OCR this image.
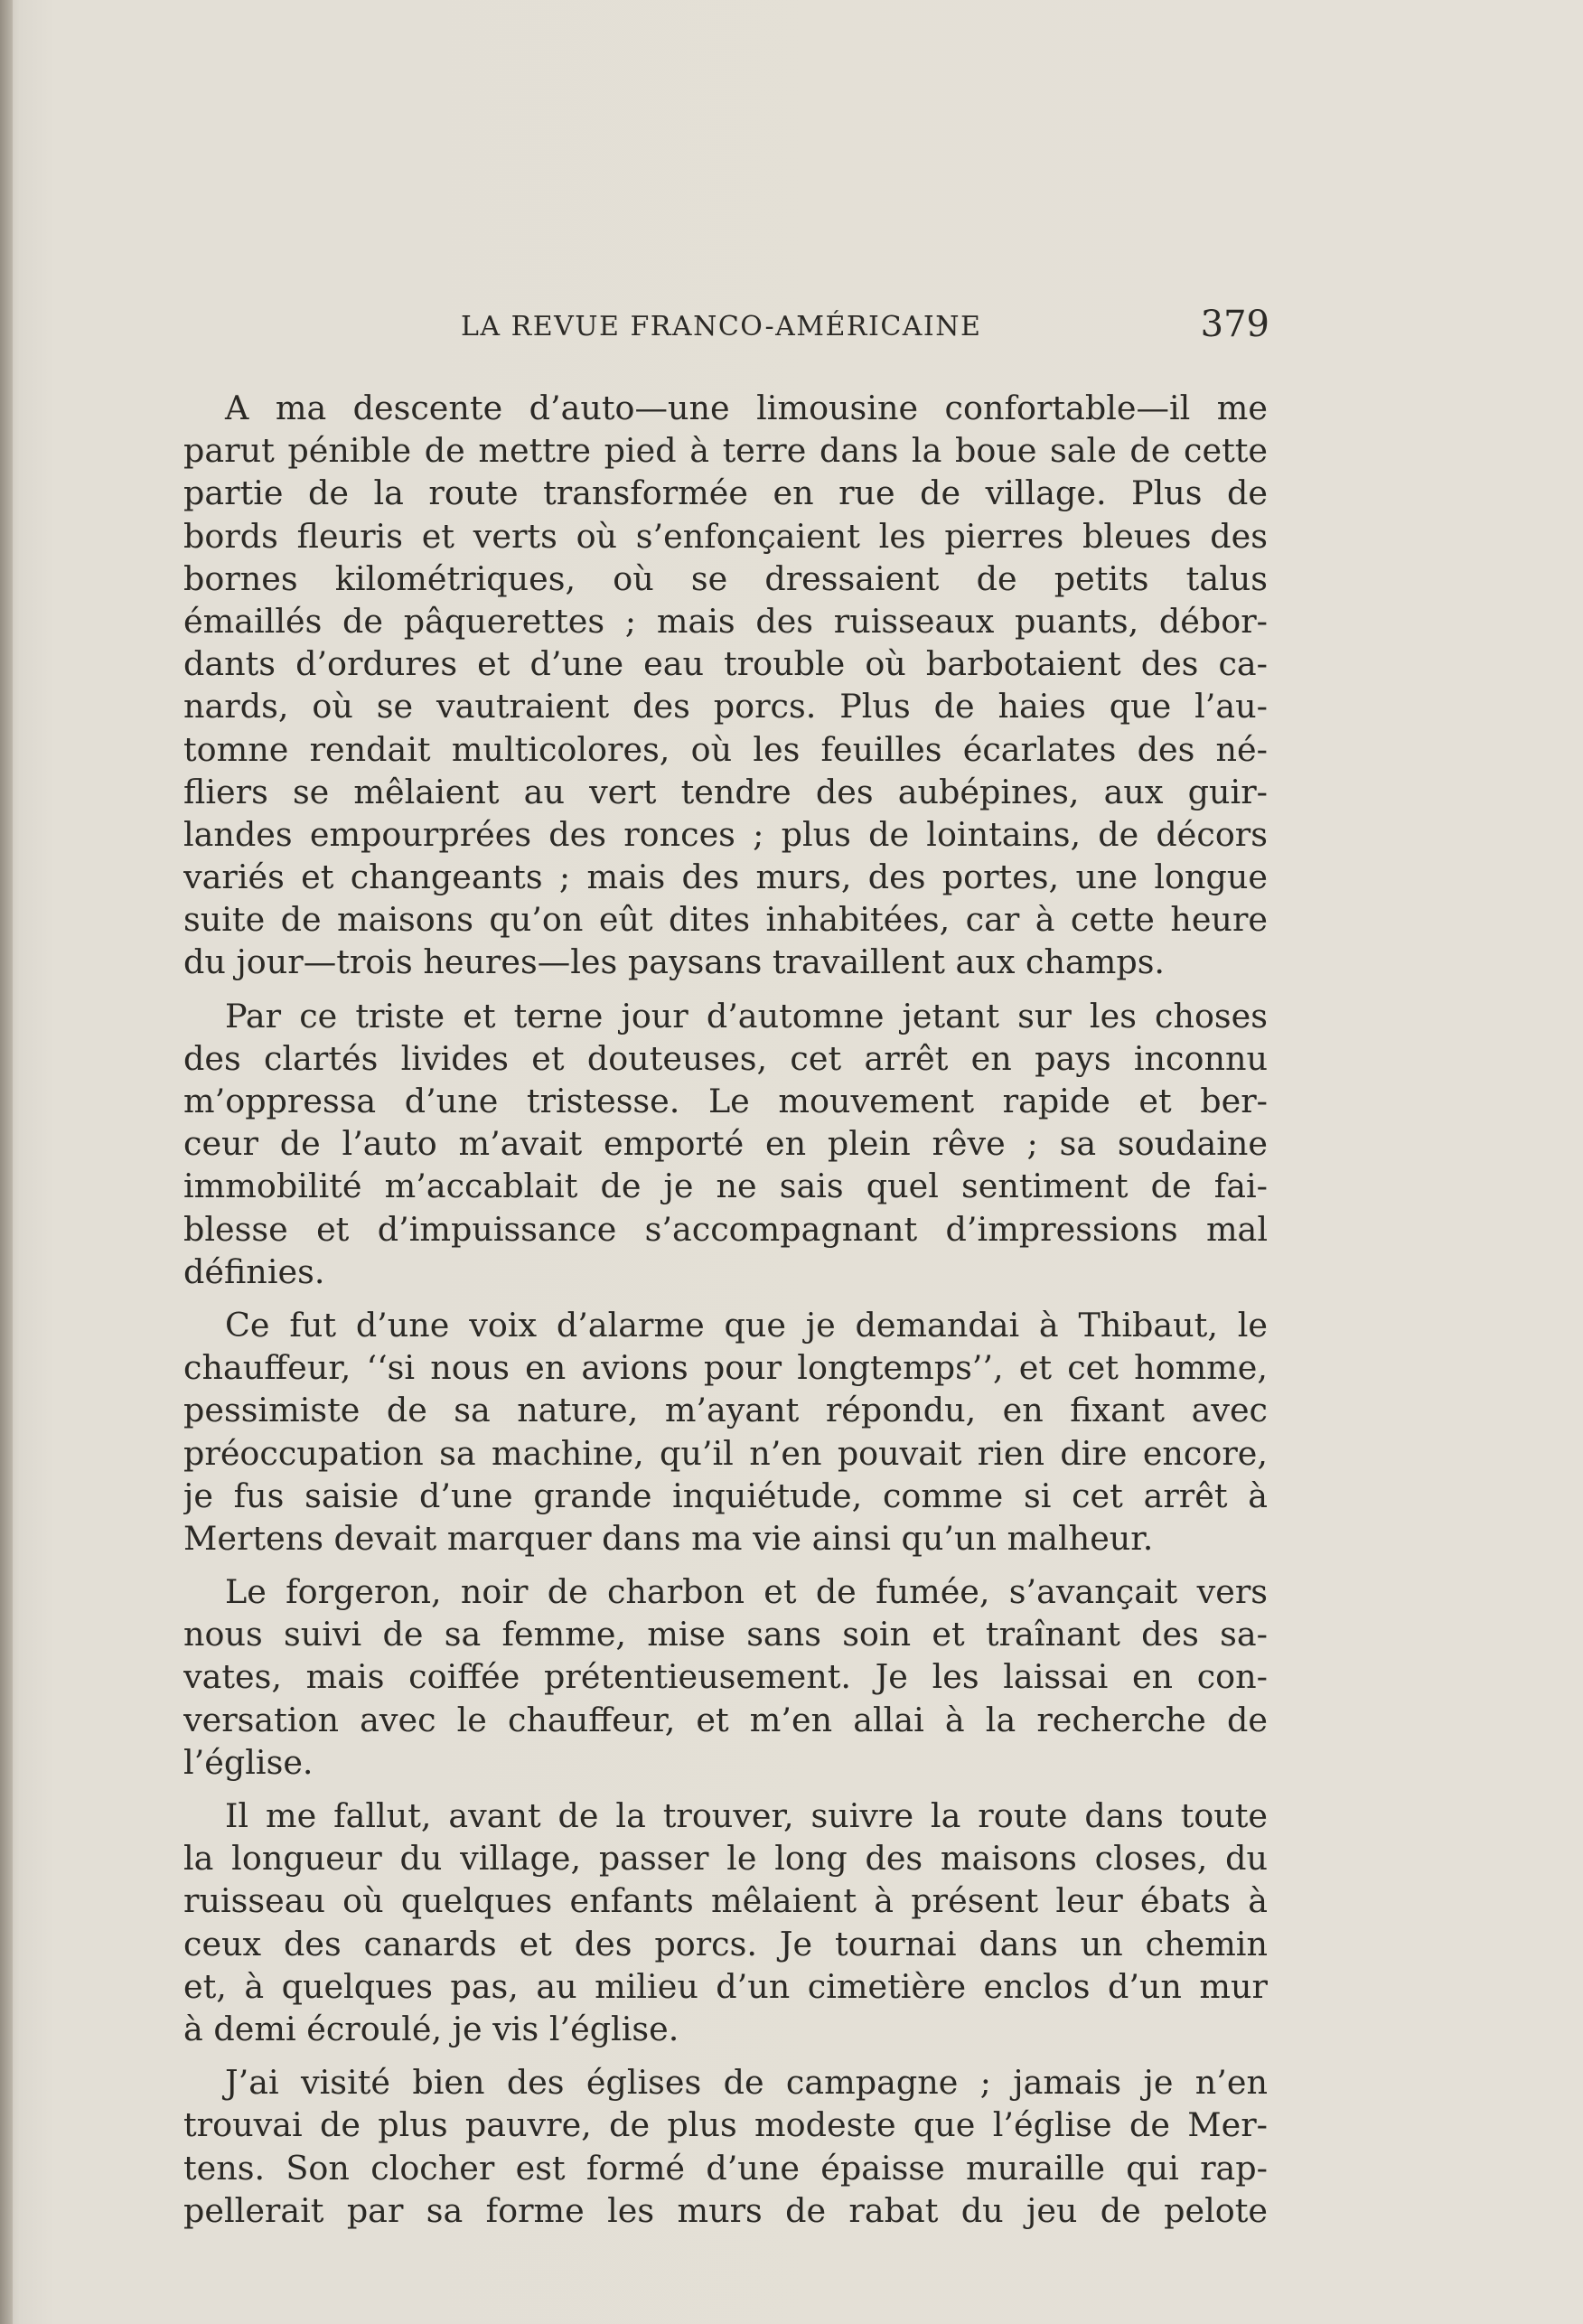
LA REVUE FRANCO-AMÉRICAINE	379

A ma descente d’auto—une limousine confortable—il me
parut pénible de mettre pied à terre dans la boue sale de cette
partie de la route transformée en rue de village. Plus de
bords fleuris et verts où s’enfonçaient les pierres bleues des
bornes kilométriques, où se dressaient de petits talus
émaillés de pâquerettes ; mais des ruisseaux puants, débor-
dants d’ordures et d’une eau trouble où barbotaient des ca-
nards, où se vautraient des porcs. Plus de haies que l’au-
tomne rendait multicolores, où les feuilles écarlates des né-
fliers se mêlaient au vert tendre des aubépines, aux guir-
landes empourprées des ronces ; plus de lointains, de décors
variés et changeants ; mais des murs, des portes, une longue
suite de maisons qu’on eût dites inhabitées, car à cette heure
du jour—trois heures—les paysans travaillent aux champs.

Par ce triste et terne jour d’automne jetant sur les choses
des clartés livides et douteuses, cet arrêt en pays inconnu
m’oppressa d’une tristesse. Le mouvement rapide et ber-
ceur de l’auto m’avait emporté en plein rêve ; sa soudaine
immobilité m’accablait de je ne sais quel sentiment de fai-
blesse et d’impuissance s’accompagnant d’impressions mal
définies.

Ce fut d’une voix d’alarme que je demandai à Thibaut, le
chauffeur, ‘‘si nous en avions pour longtemps’’, et cet homme,
pessimiste de sa nature, m’ayant répondu, en fixant avec
préoccupation sa machine, qu’il n’en pouvait rien dire encore,
je fus saisie d’une grande inquiétude, comme si cet arrêt à
Mertens devait marquer dans ma vie ainsi qu’un malheur.

Le forgeron, noir de charbon et de fumée, s’avançait vers
nous suivi de sa femme, mise sans soin et traînant des sa-
vates, mais coiffée prétentieusement. Je les laissai en con-
versation avec le chauffeur, et m’en allai à la recherche de
l’église.

Il me fallut, avant de la trouver, suivre la route dans toute
la longueur du village, passer le long des maisons closes, du
ruisseau où quelques enfants mêlaient à présent leur ébats à
ceux des canards et des porcs. Je tournai dans un chemin
et, à quelques pas, au milieu d’un cimetière enclos d’un mur
à demi écroulé, je vis l’église.

J’ai visité bien des églises de campagne ; jamais je n’en
trouvai de plus pauvre, de plus modeste que l’église de Mer-
tens. Son clocher est formé d’une épaisse muraille qui rap-
pellerait par sa forme les murs de rabat du jeu de pelote
